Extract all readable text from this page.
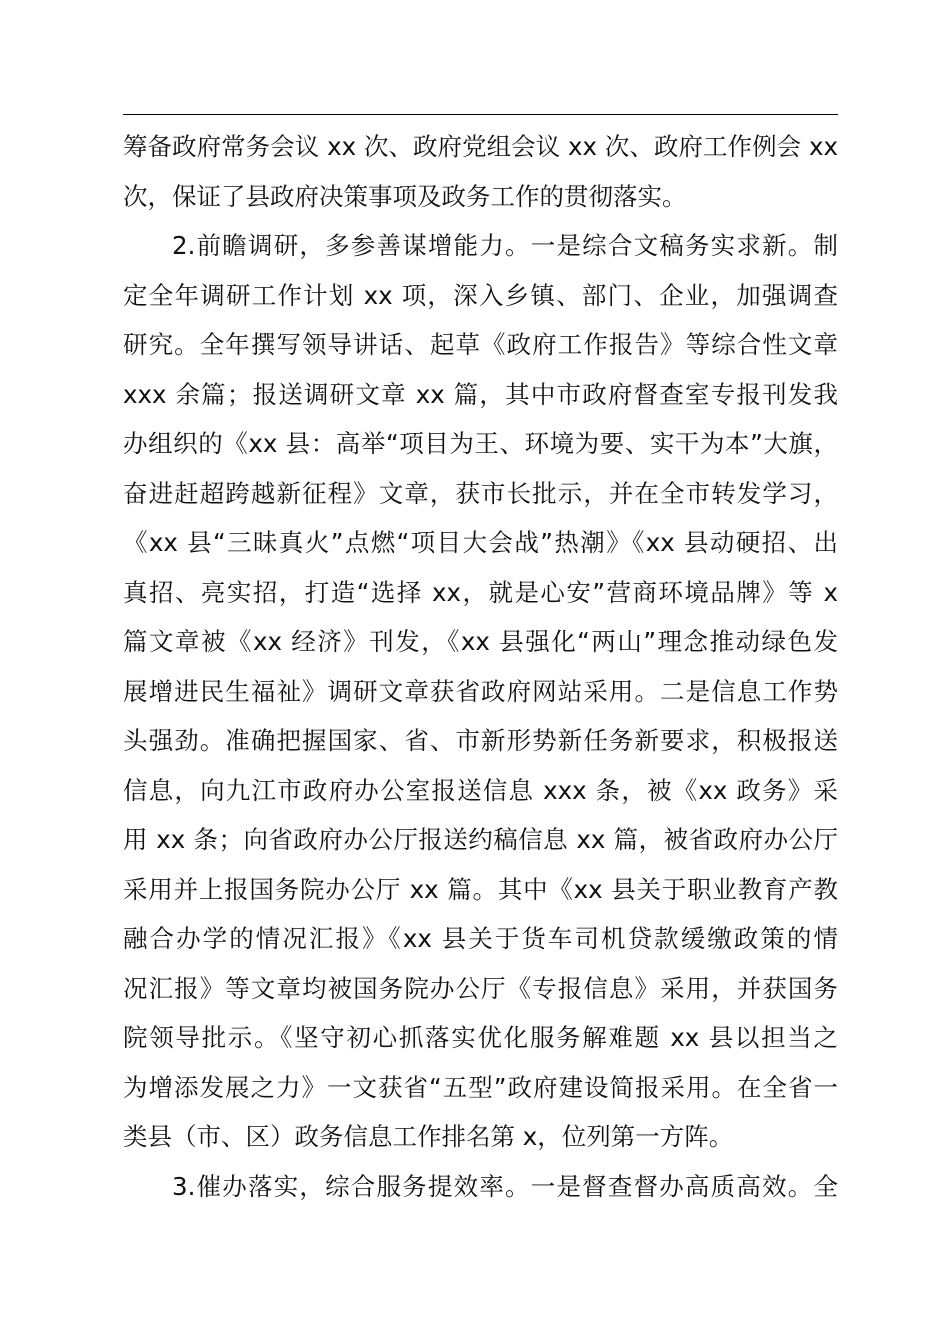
筹备政府常务会议 xx 次、政府党组会议 xx 次、政府工作例会 xx
次，保证了县政府决策事项及政务工作的贯彻落实。
2.前瞻调研，多参善谋增能力。一是综合文稿务实求新。制
定全年调研工作计划 xx 项，深入乡镇、部门、企业，加强调查
研究。全年撰写领导讲话、起草《政府工作报告》等综合性文章
xxx 余篇；报送调研文章 xx 篇，其中市政府督查室专报刊发我
办组织的《xx 县：高举“项目为王、环境为要、实干为本”大旗，
奋进赶超跨越新征程》文章，获市长批示，并在全市转发学习，
《xx 县“三昧真火”点燃“项目大会战”热潮》《xx 县动硬招、出
真招、亮实招，打造“选择 xx，就是心安”营商环境品牌》等 x
篇文章被《xx 经济》刊发，《xx 县强化“两山”理念推动绿色发
展增进民生福祉》调研文章获省政府网站采用。二是信息工作势
头强劲。准确把握国家、省、市新形势新任务新要求，积极报送
信息，向九江市政府办公室报送信息 xxx 条，被《xx 政务》采
用 xx 条；向省政府办公厅报送约稿信息 xx 篇，被省政府办公厅
采用并上报国务院办公厅 xx 篇。其中《xx 县关于职业教育产教
融合办学的情况汇报》《xx 县关于货车司机贷款缓缴政策的情
况汇报》等文章均被国务院办公厅《专报信息》采用，并获国务
院领导批示。《坚守初心抓落实优化服务解难题 xx 县以担当之
为增添发展之力》一文获省“五型”政府建设简报采用。在全省一
类县（市、区）政务信息工作排名第 x，位列第一方阵。
3.催办落实，综合服务提效率。一是督查督办高质高效。全
